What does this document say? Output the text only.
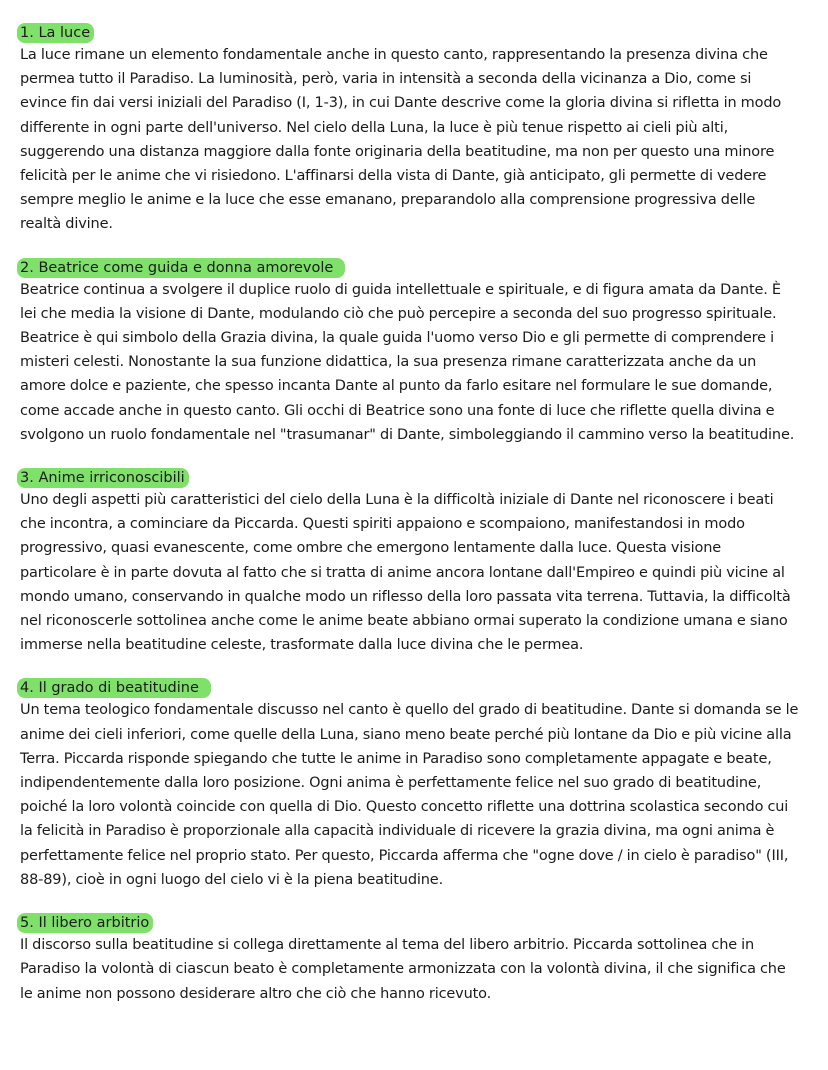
1. La luce

La luce rimane un elemento fondamentale anche in questo canto, rappresentando la presenza divina che permea tutto il Paradiso. La luminosità, però, varia in intensità a seconda della vicinanza a Dio, come si evince fin dai versi iniziali del Paradiso (I, 1-3), in cui Dante descrive come la gloria divina si rifletta in modo differente in ogni parte dell'universo. Nel cielo della Luna, la luce è più tenue rispetto ai cieli più alti, suggerendo una distanza maggiore dalla fonte originaria della beatitudine, ma non per questo una minore felicità per le anime che vi risiedono. L'affinarsi della vista di Dante, già anticipato, gli permette di vedere sempre meglio le anime e la luce che esse emanano, preparandolo alla comprensione progressiva delle realtà divine.

2. Beatrice come guida e donna amorevole

Beatrice continua a svolgere il duplice ruolo di guida intellettuale e spirituale, e di figura amata da Dante. È lei che media la visione di Dante, modulando ciò che può percepire a seconda del suo progresso spirituale. Beatrice è qui simbolo della Grazia divina, la quale guida l'uomo verso Dio e gli permette di comprendere i misteri celesti. Nonostante la sua funzione didattica, la sua presenza rimane caratterizzata anche da un amore dolce e paziente, che spesso incanta Dante al punto da farlo esitare nel formulare le sue domande, come accade anche in questo canto. Gli occhi di Beatrice sono una fonte di luce che riflette quella divina e svolgono un ruolo fondamentale nel "trasumanar" di Dante, simboleggiando il cammino verso la beatitudine.

3. Anime irriconoscibili

Uno degli aspetti più caratteristici del cielo della Luna è la difficoltà iniziale di Dante nel riconoscere i beati che incontra, a cominciare da Piccarda. Questi spiriti appaiono e scompaiono, manifestandosi in modo progressivo, quasi evanescente, come ombre che emergono lentamente dalla luce. Questa visione particolare è in parte dovuta al fatto che si tratta di anime ancora lontane dall'Empireo e quindi più vicine al mondo umano, conservando in qualche modo un riflesso della loro passata vita terrena. Tuttavia, la difficoltà nel riconoscerle sottolinea anche come le anime beate abbiano ormai superato la condizione umana e siano immerse nella beatitudine celeste, trasformate dalla luce divina che le permea.

4. Il grado di beatitudine

Un tema teologico fondamentale discusso nel canto è quello del grado di beatitudine. Dante si domanda se le anime dei cieli inferiori, come quelle della Luna, siano meno beate perché più lontane da Dio e più vicine alla Terra. Piccarda risponde spiegando che tutte le anime in Paradiso sono completamente appagate e beate, indipendentemente dalla loro posizione. Ogni anima è perfettamente felice nel suo grado di beatitudine, poiché la loro volontà coincide con quella di Dio. Questo concetto riflette una dottrina scolastica secondo cui la felicità in Paradiso è proporzionale alla capacità individuale di ricevere la grazia divina, ma ogni anima è perfettamente felice nel proprio stato. Per questo, Piccarda afferma che "ogne dove / in cielo è paradiso" (III, 88-89), cioè in ogni luogo del cielo vi è la piena beatitudine.

5. Il libero arbitrio

Il discorso sulla beatitudine si collega direttamente al tema del libero arbitrio. Piccarda sottolinea che in Paradiso la volontà di ciascun beato è completamente armonizzata con la volontà divina, il che significa che le anime non possono desiderare altro che ciò che hanno ricevuto.
